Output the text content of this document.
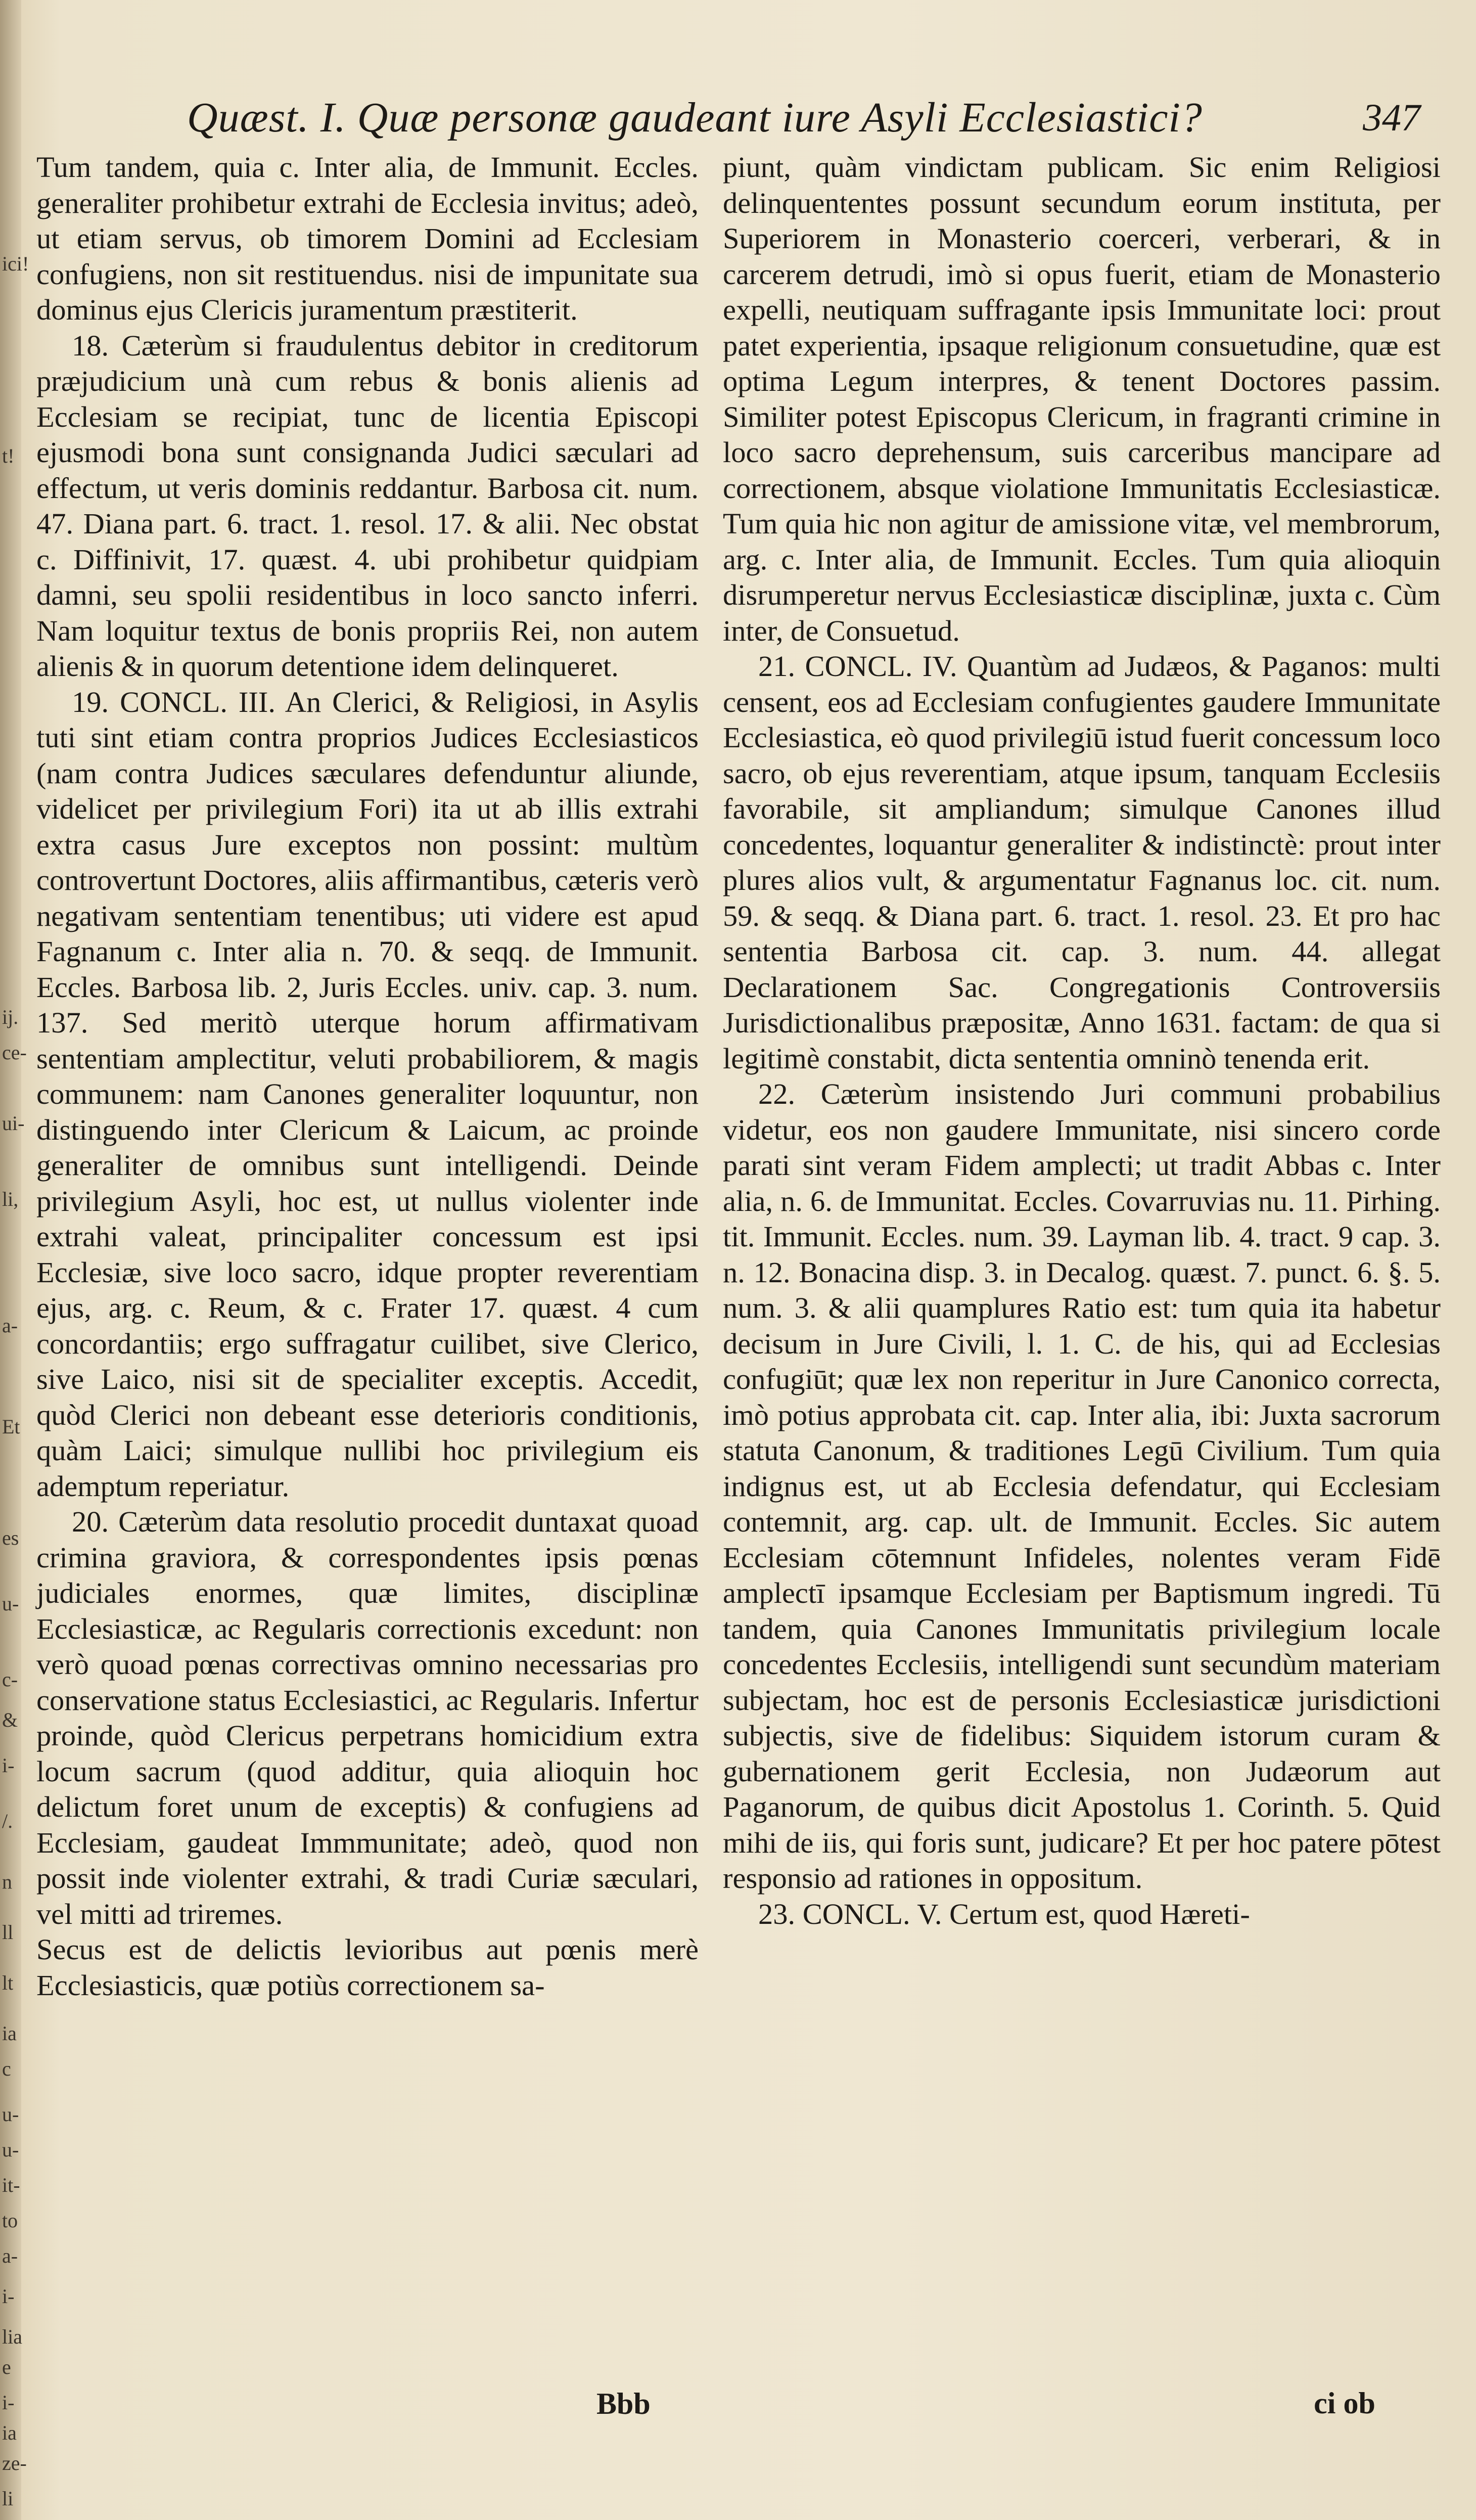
ici!
t!
ij.
ce-
ui-
li,
a-
Et
es
u-
c-
&
i-
/.
n
ll
lt
ia
c
u-
u-
it-
to
a-
i-
lia
e
i-
ia
ze-
li
Quæst. I. Quæ personæ gaudeant iure Asyli Ecclesiastici?	347

Tum tandem, quia c. Inter alia, de Immunit. Eccles. generaliter prohibetur extrahi de Ecclesia invitus; adeò, ut etiam servus, ob timorem Domini ad Ecclesiam confugiens, non sit restituendus. nisi de impunitate sua dominus ejus Clericis juramentum præstiterit.

18. Cæterùm si fraudulentus debitor in creditorum præjudicium unà cum rebus & bonis alienis ad Ecclesiam se recipiat, tunc de licentia Episcopi ejusmodi bona sunt consignanda Judici sæculari ad effectum, ut veris dominis reddantur. Barbosa cit. num. 47. Diana part. 6. tract. 1. resol. 17. & alii. Nec obstat c. Diffinivit, 17. quæst. 4. ubi prohibetur quidpiam damni, seu spolii residentibus in loco sancto inferri. Nam loquitur textus de bonis propriis Rei, non autem alienis & in quorum detentione idem delinqueret.

19. CONCL. III. An Clerici, & Religiosi, in Asylis tuti sint etiam contra proprios Judices Ecclesiasticos (nam contra Judices sæculares defenduntur aliunde, videlicet per privilegium Fori) ita ut ab illis extrahi extra casus Jure exceptos non possint: multùm controvertunt Doctores, aliis affirmantibus, cæteris verò negativam sententiam tenentibus; uti videre est apud Fagnanum c. Inter alia n. 70. & seqq. de Immunit. Eccles. Barbosa lib. 2, Juris Eccles. univ. cap. 3. num. 137. Sed meritò uterque horum affirmativam sententiam amplectitur, veluti probabiliorem, & magis communem: nam Canones generaliter loquuntur, non distinguendo inter Clericum & Laicum, ac proinde generaliter de omnibus sunt intelligendi. Deinde privilegium Asyli, hoc est, ut nullus violenter inde extrahi valeat, principaliter concessum est ipsi Ecclesiæ, sive loco sacro, idque propter reverentiam ejus, arg. c. Reum, & c. Frater 17. quæst. 4 cum concordantiis; ergo suffragatur cuilibet, sive Clerico, sive Laico, nisi sit de specialiter exceptis. Accedit, quòd Clerici non debeant esse deterioris conditionis, quàm Laici; simulque nullibi hoc privilegium eis ademptum reperiatur.

20. Cæterùm data resolutio procedit duntaxat quoad crimina graviora, & correspondentes ipsis pœnas judiciales enormes, quæ limites, disciplinæ Ecclesiasticæ, ac Regularis correctionis excedunt: non verò quoad pœnas correctivas omnino necessarias pro conservatione status Ecclesiastici, ac Regularis. Infertur proinde, quòd Clericus perpetrans homicidium extra locum sacrum (quod additur, quia alioquin hoc delictum foret unum de exceptis) & confugiens ad Ecclesiam, gaudeat Immmunitate; adeò, quod non possit inde violenter extrahi, & tradi Curiæ sæculari, vel mitti ad triremes.

Secus est de delictis levioribus aut pœnis merè Ecclesiasticis, quæ potiùs correctionem sa-

piunt, quàm vindictam publicam. Sic enim Religiosi delinquententes possunt secundum eorum instituta, per Superiorem in Monasterio coerceri, verberari, & in carcerem detrudi, imò si opus fuerit, etiam de Monasterio expelli, neutiquam suffragante ipsis Immunitate loci: prout patet experientia, ipsaque religionum consuetudine, quæ est optima Legum interpres, & tenent Doctores passim. Similiter potest Episcopus Clericum, in fragranti crimine in loco sacro deprehensum, suis carceribus mancipare ad correctionem, absque violatione Immunitatis Ecclesiasticæ. Tum quia hic non agitur de amissione vitæ, vel membrorum, arg. c. Inter alia, de Immunit. Eccles. Tum quia alioquin disrumperetur nervus Ecclesiasticæ disciplinæ, juxta c. Cùm inter, de Consuetud.

21. CONCL. IV. Quantùm ad Judæos, & Paganos: multi censent, eos ad Ecclesiam confugientes gaudere Immunitate Ecclesiastica, eò quod privilegiū istud fuerit concessum loco sacro, ob ejus reverentiam, atque ipsum, tanquam Ecclesiis favorabile, sit ampliandum; simulque Canones illud concedentes, loquantur generaliter & indistinctè: prout inter plures alios vult, & argumentatur Fagnanus loc. cit. num. 59. & seqq. & Diana part. 6. tract. 1. resol. 23. Et pro hac sententia Barbosa cit. cap. 3. num. 44. allegat Declarationem Sac. Congregationis Controversiis Jurisdictionalibus præpositæ, Anno 1631. factam: de qua si legitimè constabit, dicta sententia omninò tenenda erit.

22. Cæterùm insistendo Juri communi probabilius videtur, eos non gaudere Immunitate, nisi sincero corde parati sint veram Fidem amplecti; ut tradit Abbas c. Inter alia, n. 6. de Immunitat. Eccles. Covarruvias nu. 11. Pirhing. tit. Immunit. Eccles. num. 39. Layman lib. 4. tract. 9 cap. 3. n. 12. Bonacina disp. 3. in Decalog. quæst. 7. punct. 6. §. 5. num. 3. & alii quamplures Ratio est: tum quia ita habetur decisum in Jure Civili, l. 1. C. de his, qui ad Ecclesias confugiūt; quæ lex non reperitur in Jure Canonico correcta, imò potius approbata cit. cap. Inter alia, ibi: Juxta sacrorum statuta Canonum, & traditiones Legū Civilium. Tum quia indignus est, ut ab Ecclesia defendatur, qui Ecclesiam contemnit, arg. cap. ult. de Immunit. Eccles. Sic autem Ecclesiam cōtemnunt Infideles, nolentes veram Fidē amplectī ipsamque Ecclesiam per Baptismum ingredi. Tū tandem, quia Canones Immunitatis privilegium locale concedentes Ecclesiis, intelligendi sunt secundùm materiam subjectam, hoc est de personis Ecclesiasticæ jurisdictioni subjectis, sive de fidelibus: Siquidem istorum curam & gubernationem gerit Ecclesia, non Judæorum aut Paganorum, de quibus dicit Apostolus 1. Corinth. 5. Quid mihi de iis, qui foris sunt, judicare? Et per hoc patere pōtest responsio ad rationes in oppositum.

23. CONCL. V. Certum est, quod Hæreti-

Bbb	ci ob
